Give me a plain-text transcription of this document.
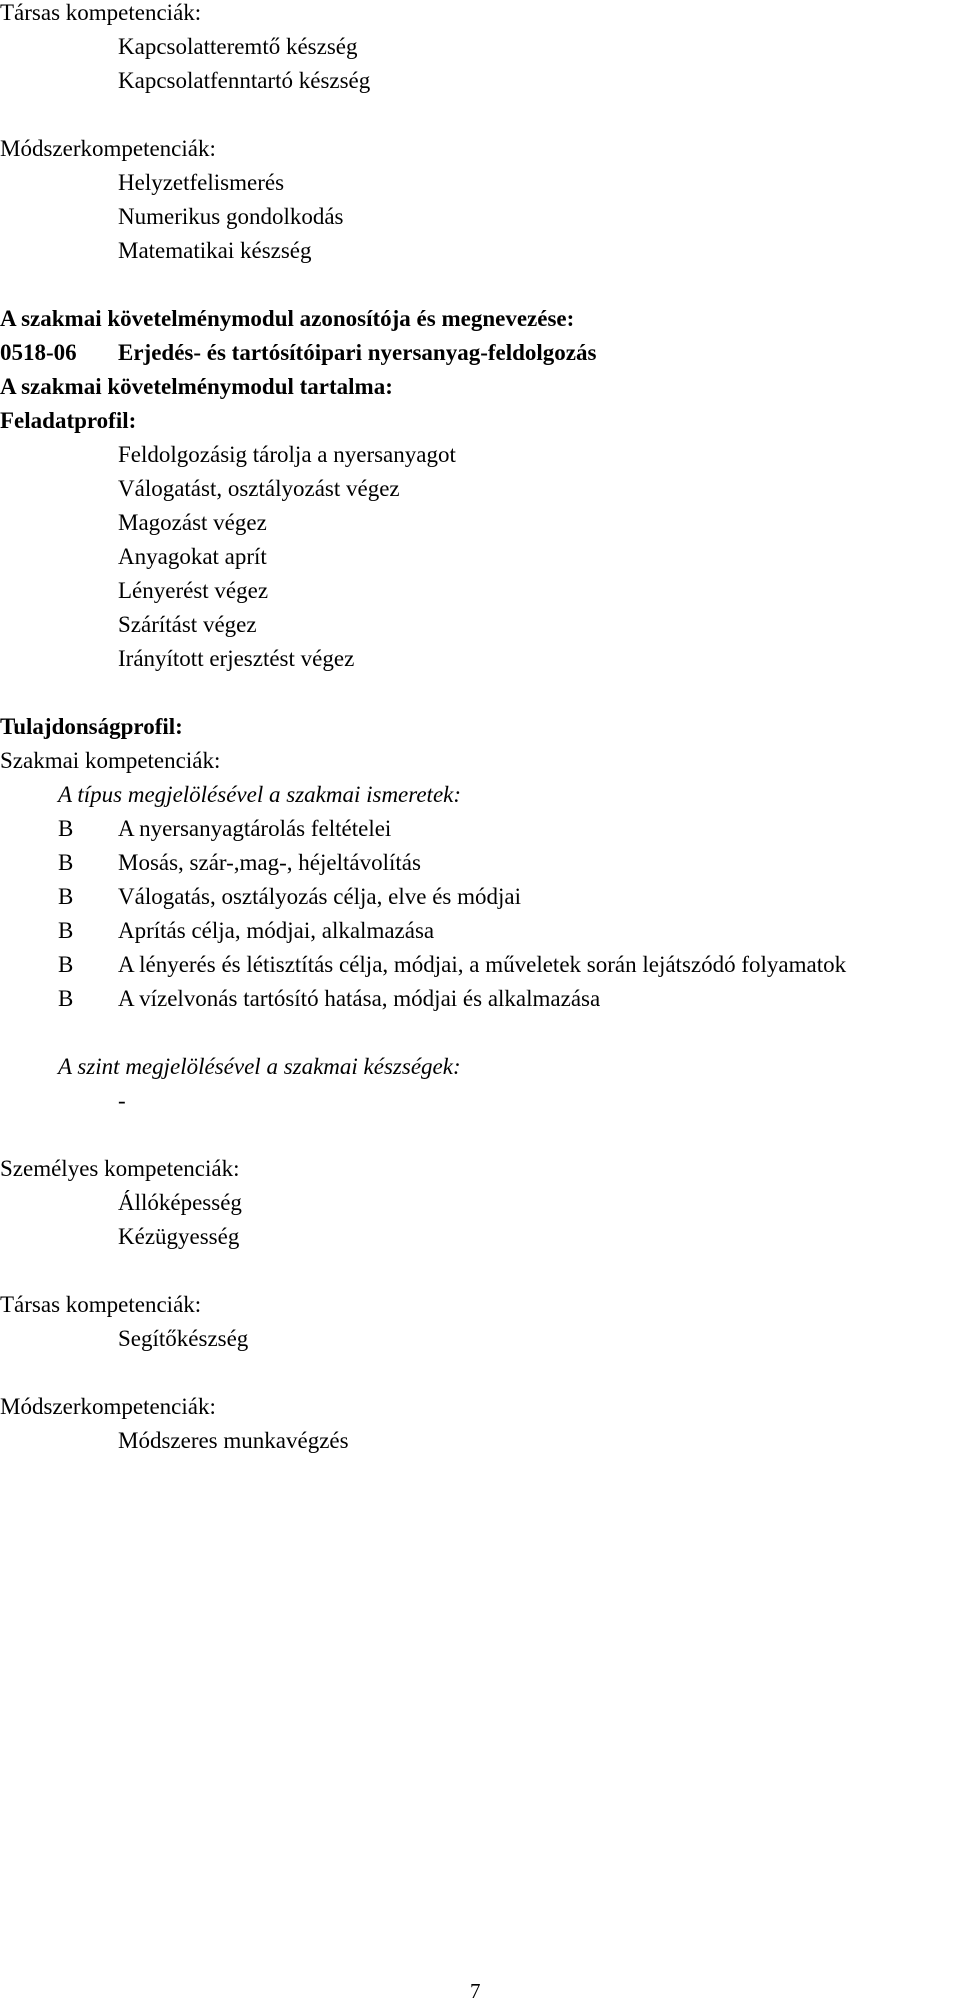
Társas kompetenciák:
Kapcsolatteremtő készség
Kapcsolatfenntartó készség
Módszerkompetenciák:
Helyzetfelismerés
Numerikus gondolkodás
Matematikai készség
A szakmai követelménymodul azonosítója és megnevezése:
0518-06 Erjedés- és tartósítóipari nyersanyag-feldolgozás
A szakmai követelménymodul tartalma:
Feladatprofil:
Feldolgozásig tárolja a nyersanyagot
Válogatást, osztályozást végez
Magozást végez
Anyagokat aprít
Lényerést végez
Szárítást végez
Irányított erjesztést végez
Tulajdonságprofil:
Szakmai kompetenciák:
A típus megjelölésével a szakmai ismeretek:
B A nyersanyagtárolás feltételei
B Mosás, szár-,mag-, héjeltávolítás
B Válogatás, osztályozás célja, elve és módjai
B Aprítás célja, módjai, alkalmazása
B A lényerés és létisztítás célja, módjai, a műveletek során lejátszódó folyamatok
B A vízelvonás tartósító hatása, módjai és alkalmazása
A szint megjelölésével a szakmai készségek:
-
Személyes kompetenciák:
Állóképesség
Kézügyesség
Társas kompetenciák:
Segítőkészség
Módszerkompetenciák:
Módszeres munkavégzés
7
